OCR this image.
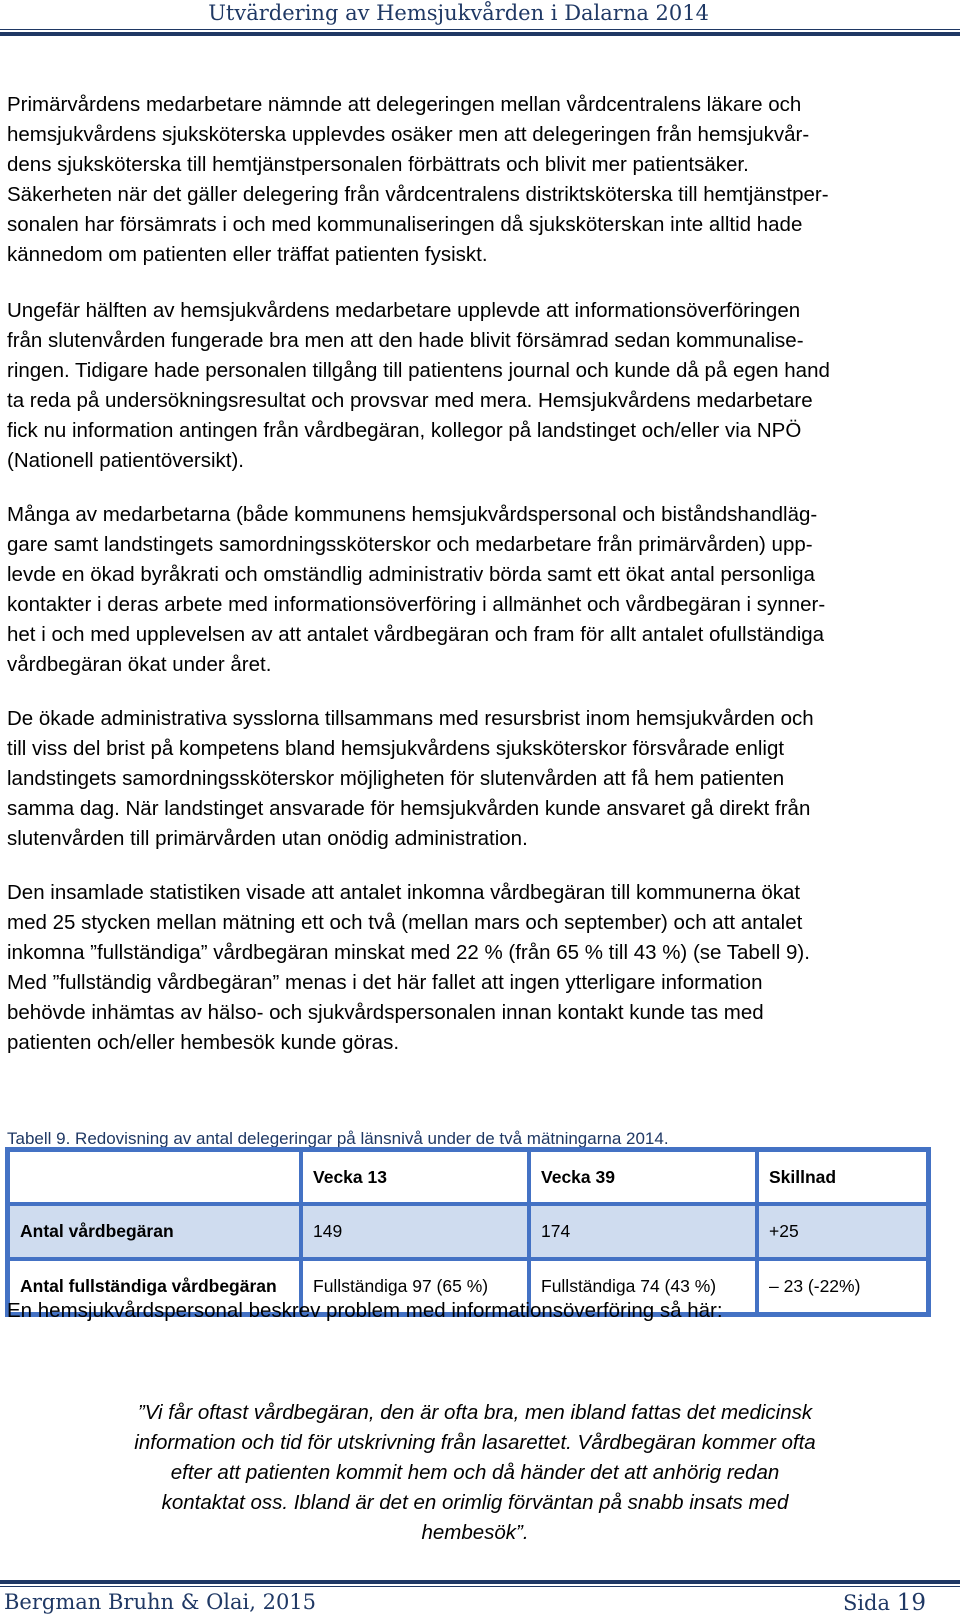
Utvärdering av Hemsjukvården i Dalarna 2014
Primärvårdens medarbetare nämnde att delegeringen mellan vårdcentralens läkare och
hemsjukvårdens sjuksköterska upplevdes osäker men att delegeringen från hemsjukvår-
dens sjuksköterska till hemtjänstpersonalen förbättrats och blivit mer patientsäker.
Säkerheten när det gäller delegering från vårdcentralens distriktsköterska till hemtjänstper-
sonalen har försämrats i och med kommunaliseringen då sjuksköterskan inte alltid hade
kännedom om patienten eller träffat patienten fysiskt.
Ungefär hälften av hemsjukvårdens medarbetare upplevde att informationsöverföringen
från slutenvården fungerade bra men att den hade blivit försämrad sedan kommunalise-
ringen. Tidigare hade personalen tillgång till patientens journal och kunde då på egen hand
ta reda på undersökningsresultat och provsvar med mera. Hemsjukvårdens medarbetare
fick nu information antingen från vårdbegäran, kollegor på landstinget och/eller via NPÖ
(Nationell patientöversikt).
Många av medarbetarna (både kommunens hemsjukvårdspersonal och biståndshandläg-
gare samt landstingets samordningssköterskor och medarbetare från primärvården) upp-
levde en ökad byråkrati och omständlig administrativ börda samt ett ökat antal personliga
kontakter i deras arbete med informationsöverföring i allmänhet och vårdbegäran i synner-
het i och med upplevelsen av att antalet vårdbegäran och fram för allt antalet ofullständiga
vårdbegäran ökat under året.
De ökade administrativa sysslorna tillsammans med resursbrist inom hemsjukvården och
till viss del brist på kompetens bland hemsjukvårdens sjuksköterskor försvårade enligt
landstingets samordningssköterskor möjligheten för slutenvården att få hem patienten
samma dag. När landstinget ansvarade för hemsjukvården kunde ansvaret gå direkt från
slutenvården till primärvården utan onödig administration.
Den insamlade statistiken visade att antalet inkomna vårdbegäran till kommunerna ökat
med 25 stycken mellan mätning ett och två (mellan mars och september) och att antalet
inkomna ”fullständiga” vårdbegäran minskat med 22 % (från 65 % till 43 %) (se Tabell 9).
Med ”fullständig vårdbegäran” menas i det här fallet att ingen ytterligare information
behövde inhämtas av hälso- och sjukvårdspersonalen innan kontakt kunde tas med
patienten och/eller hembesök kunde göras.
Tabell 9. Redovisning av antal delegeringar på länsnivå under de två mätningarna 2014.
	Vecka 13	Vecka 39	Skillnad
Antal vårdbegäran	149	174	+25
Antal fullständiga vårdbegäran	Fullständiga 97 (65 %)	Fullständiga 74 (43 %)	– 23 (-22%)
En hemsjukvårdspersonal beskrev problem med informationsöverföring så här:
”Vi får oftast vårdbegäran, den är ofta bra, men ibland fattas det medicinsk
information och tid för utskrivning från lasarettet. Vårdbegäran kommer ofta
efter att patienten kommit hem och då händer det att anhörig redan
kontaktat oss. Ibland är det en orimlig förväntan på snabb insats med
hembesök”.
Bergman Bruhn & Olai, 2015	Sida 19
